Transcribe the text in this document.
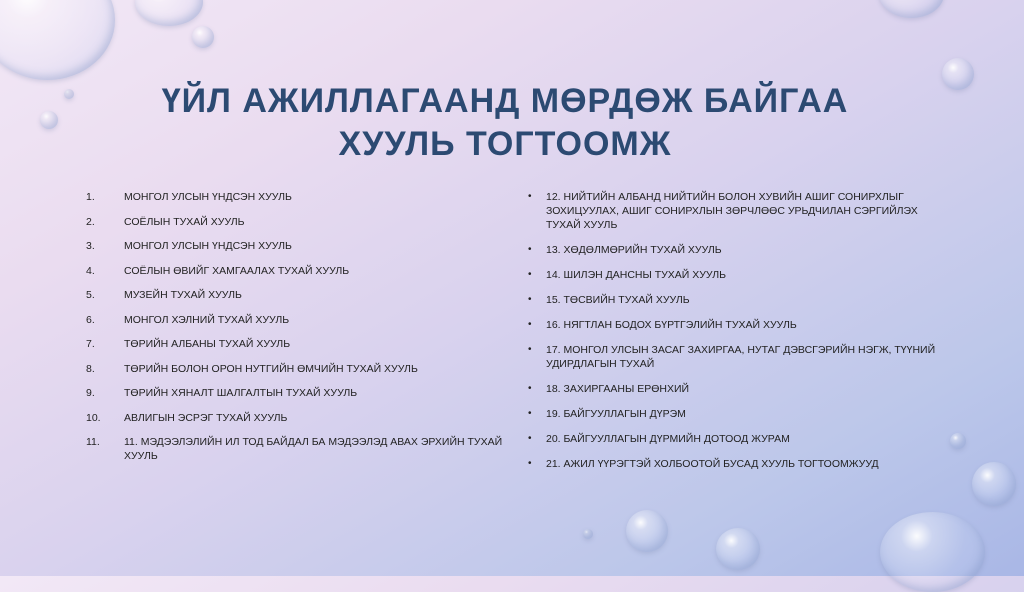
ҮЙЛ АЖИЛЛАГААНД МӨРДӨЖ БАЙГАА
ХУУЛЬ ТОГТООМЖ
1.	МОНГОЛ УЛСЫН ҮНДСЭН ХУУЛЬ
2.	СОЁЛЫН ТУХАЙ ХУУЛЬ
3.	МОНГОЛ УЛСЫН ҮНДСЭН ХУУЛЬ
4.	СОЁЛЫН ӨВИЙГ ХАМГААЛАХ ТУХАЙ ХУУЛЬ
5.	МУЗЕЙН ТУХАЙ ХУУЛЬ
6.	МОНГОЛ ХЭЛНИЙ ТУХАЙ ХУУЛЬ
7.	ТӨРИЙН АЛБАНЫ ТУХАЙ ХУУЛЬ
8.	ТӨРИЙН БОЛОН ОРОН НУТГИЙН ӨМЧИЙН ТУХАЙ ХУУЛЬ
9.	ТӨРИЙН ХЯНАЛТ ШАЛГАЛТЫН ТУХАЙ ХУУЛЬ
10. АВЛИГЫН ЭСРЭГ ТУХАЙ ХУУЛЬ
11. 11. МЭДЭЭЛЭЛИЙН ИЛ ТОД БАЙДАЛ БА МЭДЭЭЛЭД АВАХ ЭРХИЙН ТУХАЙ ХУУЛЬ
• 12. НИЙТИЙН АЛБАНД НИЙТИЙН БОЛОН ХУВИЙН АШИГ СОНИРХЛЫГ ЗОХИЦУУЛАХ, АШИГ СОНИРХЛЫН ЗӨРЧЛӨӨС УРЬДЧИЛАН СЭРГИЙЛЭХ ТУХАЙ ХУУЛЬ
• 13. ХӨДӨЛМӨРИЙН ТУХАЙ ХУУЛЬ
• 14. ШИЛЭН ДАНСНЫ ТУХАЙ ХУУЛЬ
• 15. ТӨСВИЙН ТУХАЙ ХУУЛЬ
• 16. НЯГТЛАН БОДОХ БҮРТГЭЛИЙН ТУХАЙ ХУУЛЬ
• 17. МОНГОЛ УЛСЫН ЗАСАГ ЗАХИРГАА, НУТАГ ДЭВСГЭРИЙН НЭГЖ, ТҮҮНИЙ УДИРДЛАГЫН ТУХАЙ
• 18. ЗАХИРГААНЫ ЕРӨНХИЙ
• 19. БАЙГУУЛЛАГЫН ДҮРЭМ
• 20. БАЙГУУЛЛАГЫН ДҮРМИЙН ДОТООД ЖУРАМ
• 21. АЖИЛ ҮҮРЭГТЭЙ ХОЛБООТОЙ БУСАД ХУУЛЬ ТОГТООМЖУУД
